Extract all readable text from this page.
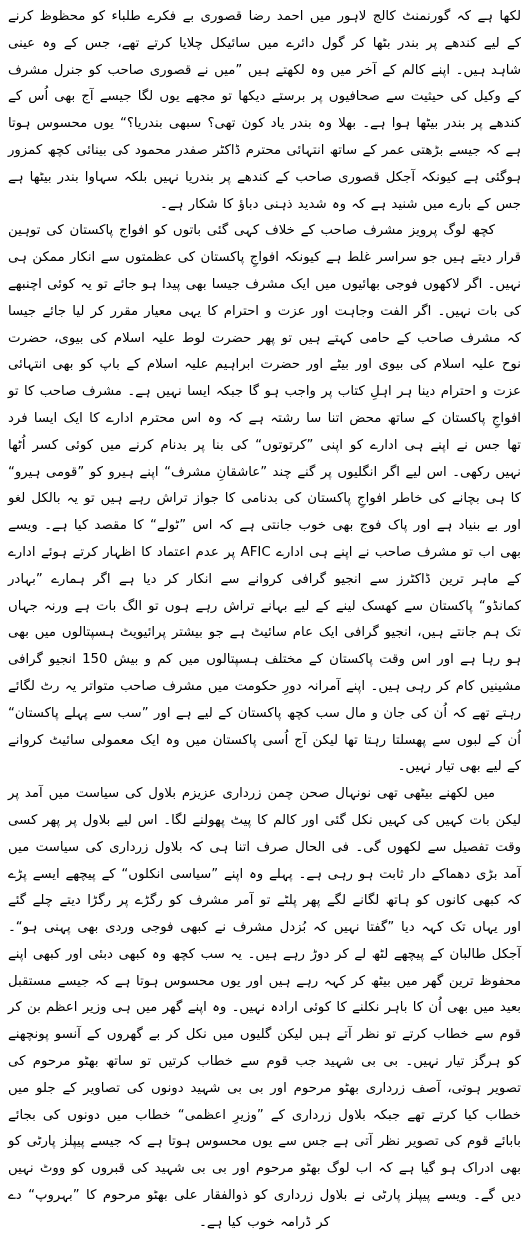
لکھا ہے کہ گورنمنٹ کالج لاہور میں احمد رضا قصوری بے فکرے طلباء کو محظوظ کرنے کے لیے کندھے پر بندر بٹھا کر گول دائرے میں سائیکل چلایا کرتے تھے، جس کے وہ عینی شاہد ہیں۔ اپنے کالم کے آخر میں وہ لکھتے ہیں ”میں نے قصوری صاحب کو جنرل مشرف کے وکیل کی حیثیت سے صحافیوں پر برستے دیکھا تو مجھے یوں لگا جیسے آج بھی اُس کے کندھے پر بندر بیٹھا ہوا ہے۔ بھلا وہ بندر یاد کون تھی؟ سبھی بندریا؟“ یوں محسوس ہوتا ہے کہ جیسے بڑھتی عمر کے ساتھ انتہائی محترم ڈاکٹر صفدر محمود کی بینائی کچھ کمزور ہوگئی ہے کیونکہ آجکل قصوری صاحب کے کندھے پر بندریا نہیں بلکہ سہاوا بندر بیٹھا ہے جس کے بارے میں شنید ہے کہ وہ شدید ذہنی دباؤ کا شکار ہے۔

کچھ لوگ پرویز مشرف صاحب کے خلاف کہی گئی باتوں کو افواج پاکستان کی توہین قرار دیتے ہیں جو سراسر غلط ہے کیونکہ افواجِ پاکستان کی عظمتوں سے انکار ممکن ہی نہیں۔ اگر لاکھوں فوجی بھائیوں میں ایک مشرف جیسا بھی پیدا ہو جائے تو یہ کوئی اچنبھے کی بات نہیں۔ اگر الفت وجاہت اور عزت و احترام کا یہی معیار مقرر کر لیا جائے جیسا کہ مشرف صاحب کے حامی کہتے ہیں تو پھر حضرت لوط علیہ اسلام کی بیوی، حضرت نوح علیہ اسلام کی بیوی اور بیٹے اور حضرت ابراہیم علیہ اسلام کے باپ کو بھی انتہائی عزت و احترام دینا ہر اہلِ کتاب پر واجب ہو گا جبکہ ایسا نہیں ہے۔ مشرف صاحب کا تو افواجِ پاکستان کے ساتھ محض اتنا سا رشتہ ہے کہ وہ اس محترم ادارے کا ایک ایسا فرد تھا جس نے اپنے ہی ادارے کو اپنی ”کرتوتوں“ کی بنا پر بدنام کرنے میں کوئی کسر اُٹھا نہیں رکھی۔ اس لیے اگر انگلیوں پر گنے چند ”عاشقانِ مشرف“ اپنے ہیرو کو ”قومی ہیرو“ کا ہی بچانے کی خاطر افواجِ پاکستان کی بدنامی کا جواز تراش رہے ہیں تو یہ بالکل لغو اور بے بنیاد ہے اور پاک فوج بھی خوب جانتی ہے کہ اس ”ٹولے“ کا مقصد کیا ہے۔ ویسے بھی اب تو مشرف صاحب نے اپنے ہی ادارے AFIC پر عدم اعتماد کا اظہار کرتے ہوئے ادارے کے ماہر ترین ڈاکٹرز سے انجیو گرافی کروانے سے انکار کر دیا ہے اگر ہمارے ”بہادر کمانڈو“ پاکستان سے کھسک لینے کے لیے بہانے تراش رہے ہوں تو الگ بات ہے ورنہ جہاں تک ہم جانتے ہیں، انجیو گرافی ایک عام سائیٹ ہے جو بیشتر پرائیویٹ ہسپتالوں میں بھی ہو رہا ہے اور اس وقت پاکستان کے مختلف ہسپتالوں میں کم و بیش 150 انجیو گرافی مشینیں کام کر رہی ہیں۔ اپنے آمرانہ دورِ حکومت میں مشرف صاحب متواتر یہ رٹ لگائے رہتے تھے کہ اُن کی جان و مال سب کچھ پاکستان کے لیے ہے اور ”سب سے پہلے پاکستان“ اُن کے لبوں سے پھسلتا رہتا تھا لیکن آج اُسی پاکستان میں وہ ایک معمولی سائیٹ کروانے کے لیے بھی تیار نہیں۔

میں لکھنے بیٹھی تھی نونہال صحن چمن زرداری عزیزم بلاول کی سیاست میں آمد پر لیکن بات کہیں کی کہیں نکل گئی اور کالم کا پیٹ پھولنے لگا۔ اس لیے بلاول پر پھر کسی وقت تفصیل سے لکھوں گی۔ فی الحال صرف اتنا ہی کہ بلاول زرداری کی سیاست میں آمد بڑی دھماکے دار ثابت ہو رہی ہے۔ پہلے وہ اپنے ”سیاسی انکلوں“ کے پیچھے ایسے پڑے کہ کبھی کانوں کو ہاتھ لگانے لگے پھر پلٹے تو آمر مشرف کو رگڑے پر رگڑا دیتے چلے گئے اور یہاں تک کہہ دیا ”گفتا نہیں کہ بُزدل مشرف نے کبھی فوجی وردی بھی پہنی ہو“۔ آجکل طالبان کے پیچھے لٹھ لے کر دوڑ رہے ہیں۔ یہ سب کچھ وہ کبھی دبئی اور کبھی اپنے محفوظ ترین گھر میں بیٹھ کر کہہ رہے ہیں اور یوں محسوس ہوتا ہے کہ جیسے مستقبل بعید میں بھی اُن کا باہر نکلنے کا کوئی ارادہ نہیں۔ وہ اپنے گھر میں ہی وزیر اعظم بن کر قوم سے خطاب کرتے تو نظر آتے ہیں لیکن گلیوں میں نکل کر بے گھروں کے آنسو پونچھنے کو ہرگز تیار نہیں۔ بی بی شہید جب قوم سے خطاب کرتیں تو ساتھ بھٹو مرحوم کی تصویر ہوتی، آصف زرداری بھٹو مرحوم اور بی بی شہید دونوں کی تصاویر کے جلو میں خطاب کیا کرتے تھے جبکہ بلاول زرداری کے ”وزیرِ اعظمی“ خطاب میں دونوں کی بجائے بابائے قوم کی تصویر نظر آتی ہے جس سے یوں محسوس ہوتا ہے کہ جیسے پیپلز پارٹی کو بھی ادراک ہو گیا ہے کہ اب لوگ بھٹو مرحوم اور بی بی شہید کی قبروں کو ووٹ نہیں دیں گے۔ ویسے پیپلز پارٹی نے بلاول زرداری کو ذوالفقار علی بھٹو مرحوم کا ”بہروپ“ دے کر ڈرامہ خوب کیا ہے۔
